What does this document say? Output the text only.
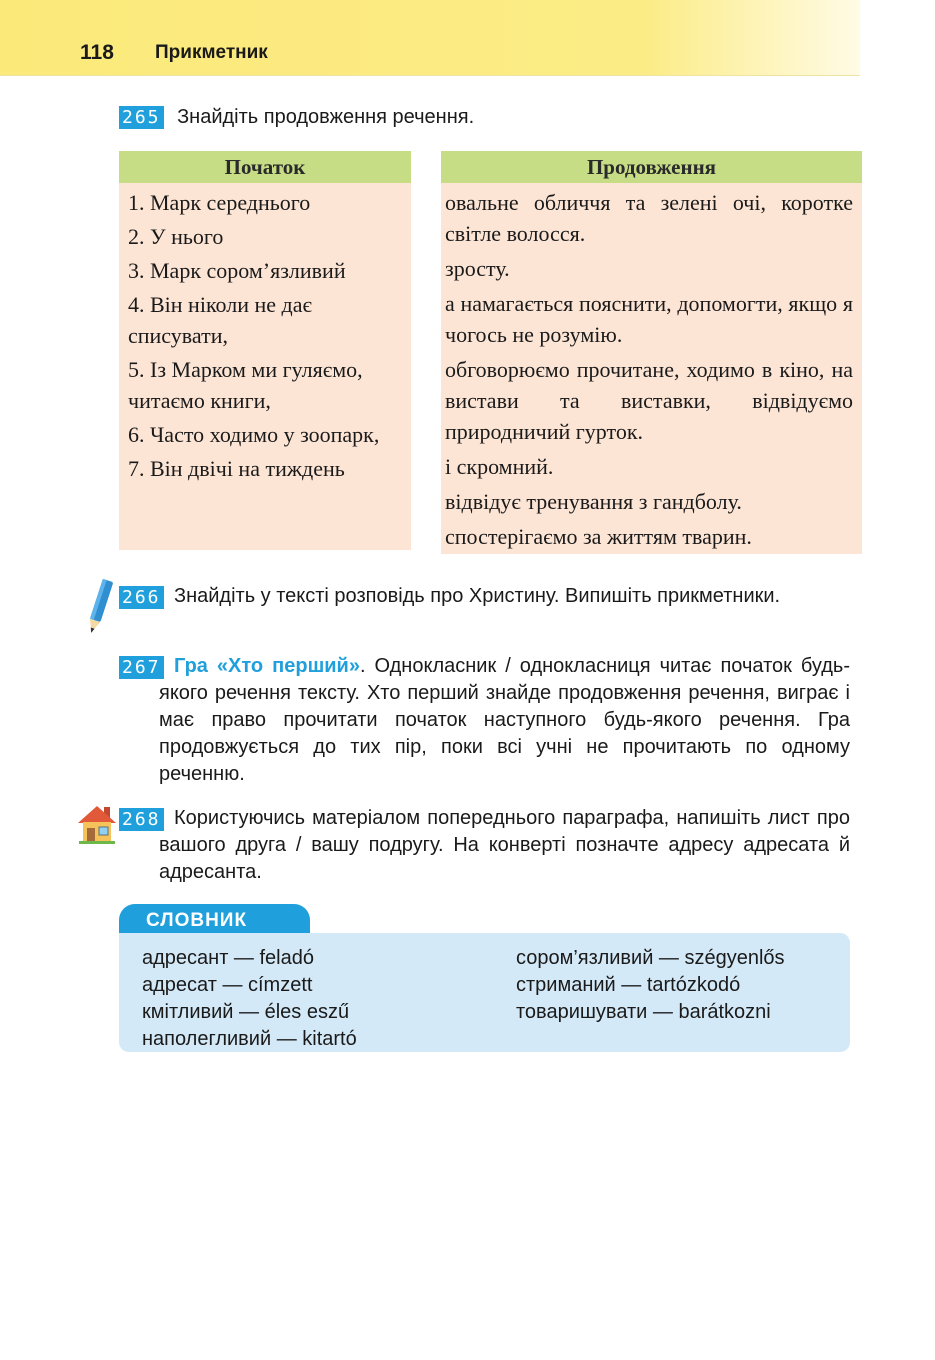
118 Прикметник
265 Знайдіть продовження речення.
Початок
1. Марк середнього
2. У нього
3. Марк сором’язливий
4. Він ніколи не дає списувати,
5. Із Марком ми гуляємо, читаємо книги,
6. Часто ходимо у зоопарк,
7. Він двічі на тиждень
Продовження
овальне обличчя та зелені очі, коротке світле волосся.
зросту.
а намагається пояснити, допомогти, якщо я чогось не розумію.
обговорюємо прочитане, ходимо в кіно, на вистави та виставки, відвідуємо природничий гурток.
і скромний.
відвідує тренування з гандболу.
спостерігаємо за життям тварин.
266 Знайдіть у тексті розповідь про Христину. Випишіть прикметники.

267 Гра «Хто перший». Однокласник / однокласниця читає початок будь-якого речення тексту. Хто перший знайде продовження речення, виграє і має право прочитати початок наступного будь-якого речення. Гра продовжується до тих пір, поки всі учні не прочитають по одному реченню.

268 Користуючись матеріалом попереднього параграфа, напишіть лист про вашого друга / вашу подругу. На конверті позначте адресу адресата й адресанта.

СЛОВНИК
адресант — feladó
адресат — címzett
кмітливий — éles eszű
наполегливий — kitartó
сором’язливий — szégyenlős
стриманий — tartózkodó
товаришувати — barátkozni
